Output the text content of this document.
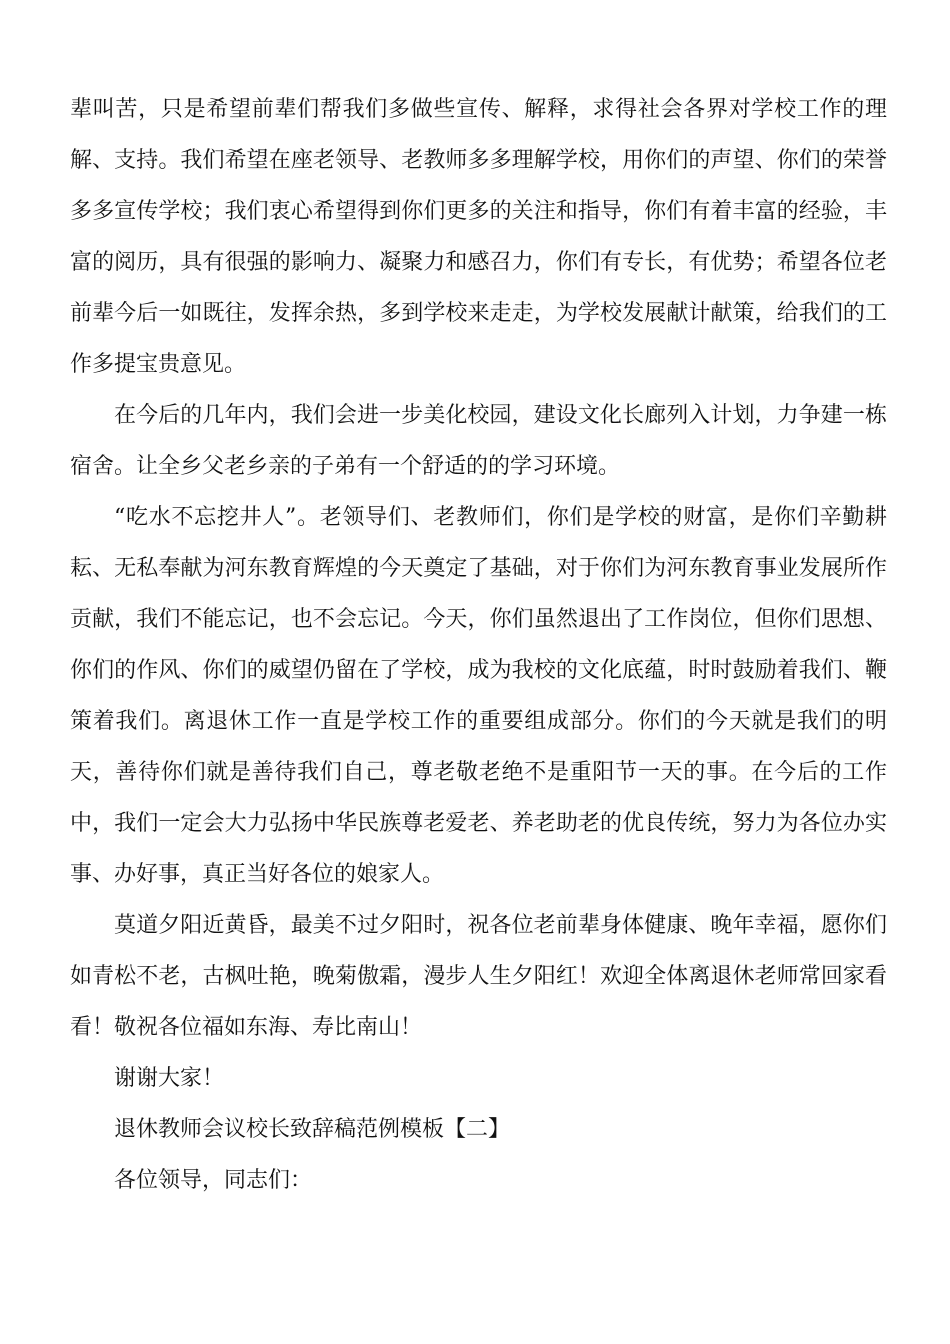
辈叫苦，只是希望前辈们帮我们多做些宣传、解释，求得社会各界对学校工作的理解、支持。我们希望在座老领导、老教师多多理解学校，用你们的声望、你们的荣誉多多宣传学校；我们衷心希望得到你们更多的关注和指导，你们有着丰富的经验，丰富的阅历，具有很强的影响力、凝聚力和感召力，你们有专长，有优势；希望各位老前辈今后一如既往，发挥余热，多到学校来走走，为学校发展献计献策，给我们的工作多提宝贵意见。

在今后的几年内，我们会进一步美化校园，建设文化长廊列入计划，力争建一栋宿舍。让全乡父老乡亲的子弟有一个舒适的的学习环境。

“吃水不忘挖井人”。老领导们、老教师们，你们是学校的财富，是你们辛勤耕耘、无私奉献为河东教育辉煌的今天奠定了基础，对于你们为河东教育事业发展所作贡献，我们不能忘记，也不会忘记。今天，你们虽然退出了工作岗位，但你们思想、你们的作风、你们的威望仍留在了学校，成为我校的文化底蕴，时时鼓励着我们、鞭策着我们。离退休工作一直是学校工作的重要组成部分。你们的今天就是我们的明天，善待你们就是善待我们自己，尊老敬老绝不是重阳节一天的事。在今后的工作中，我们一定会大力弘扬中华民族尊老爱老、养老助老的优良传统，努力为各位办实事、办好事，真正当好各位的娘家人。

莫道夕阳近黄昏，最美不过夕阳时，祝各位老前辈身体健康、晚年幸福，愿你们如青松不老，古枫吐艳，晚菊傲霜，漫步人生夕阳红！欢迎全体离退休老师常回家看看！敬祝各位福如东海、寿比南山！

谢谢大家！

退休教师会议校长致辞稿范例模板【二】

各位领导，同志们：
